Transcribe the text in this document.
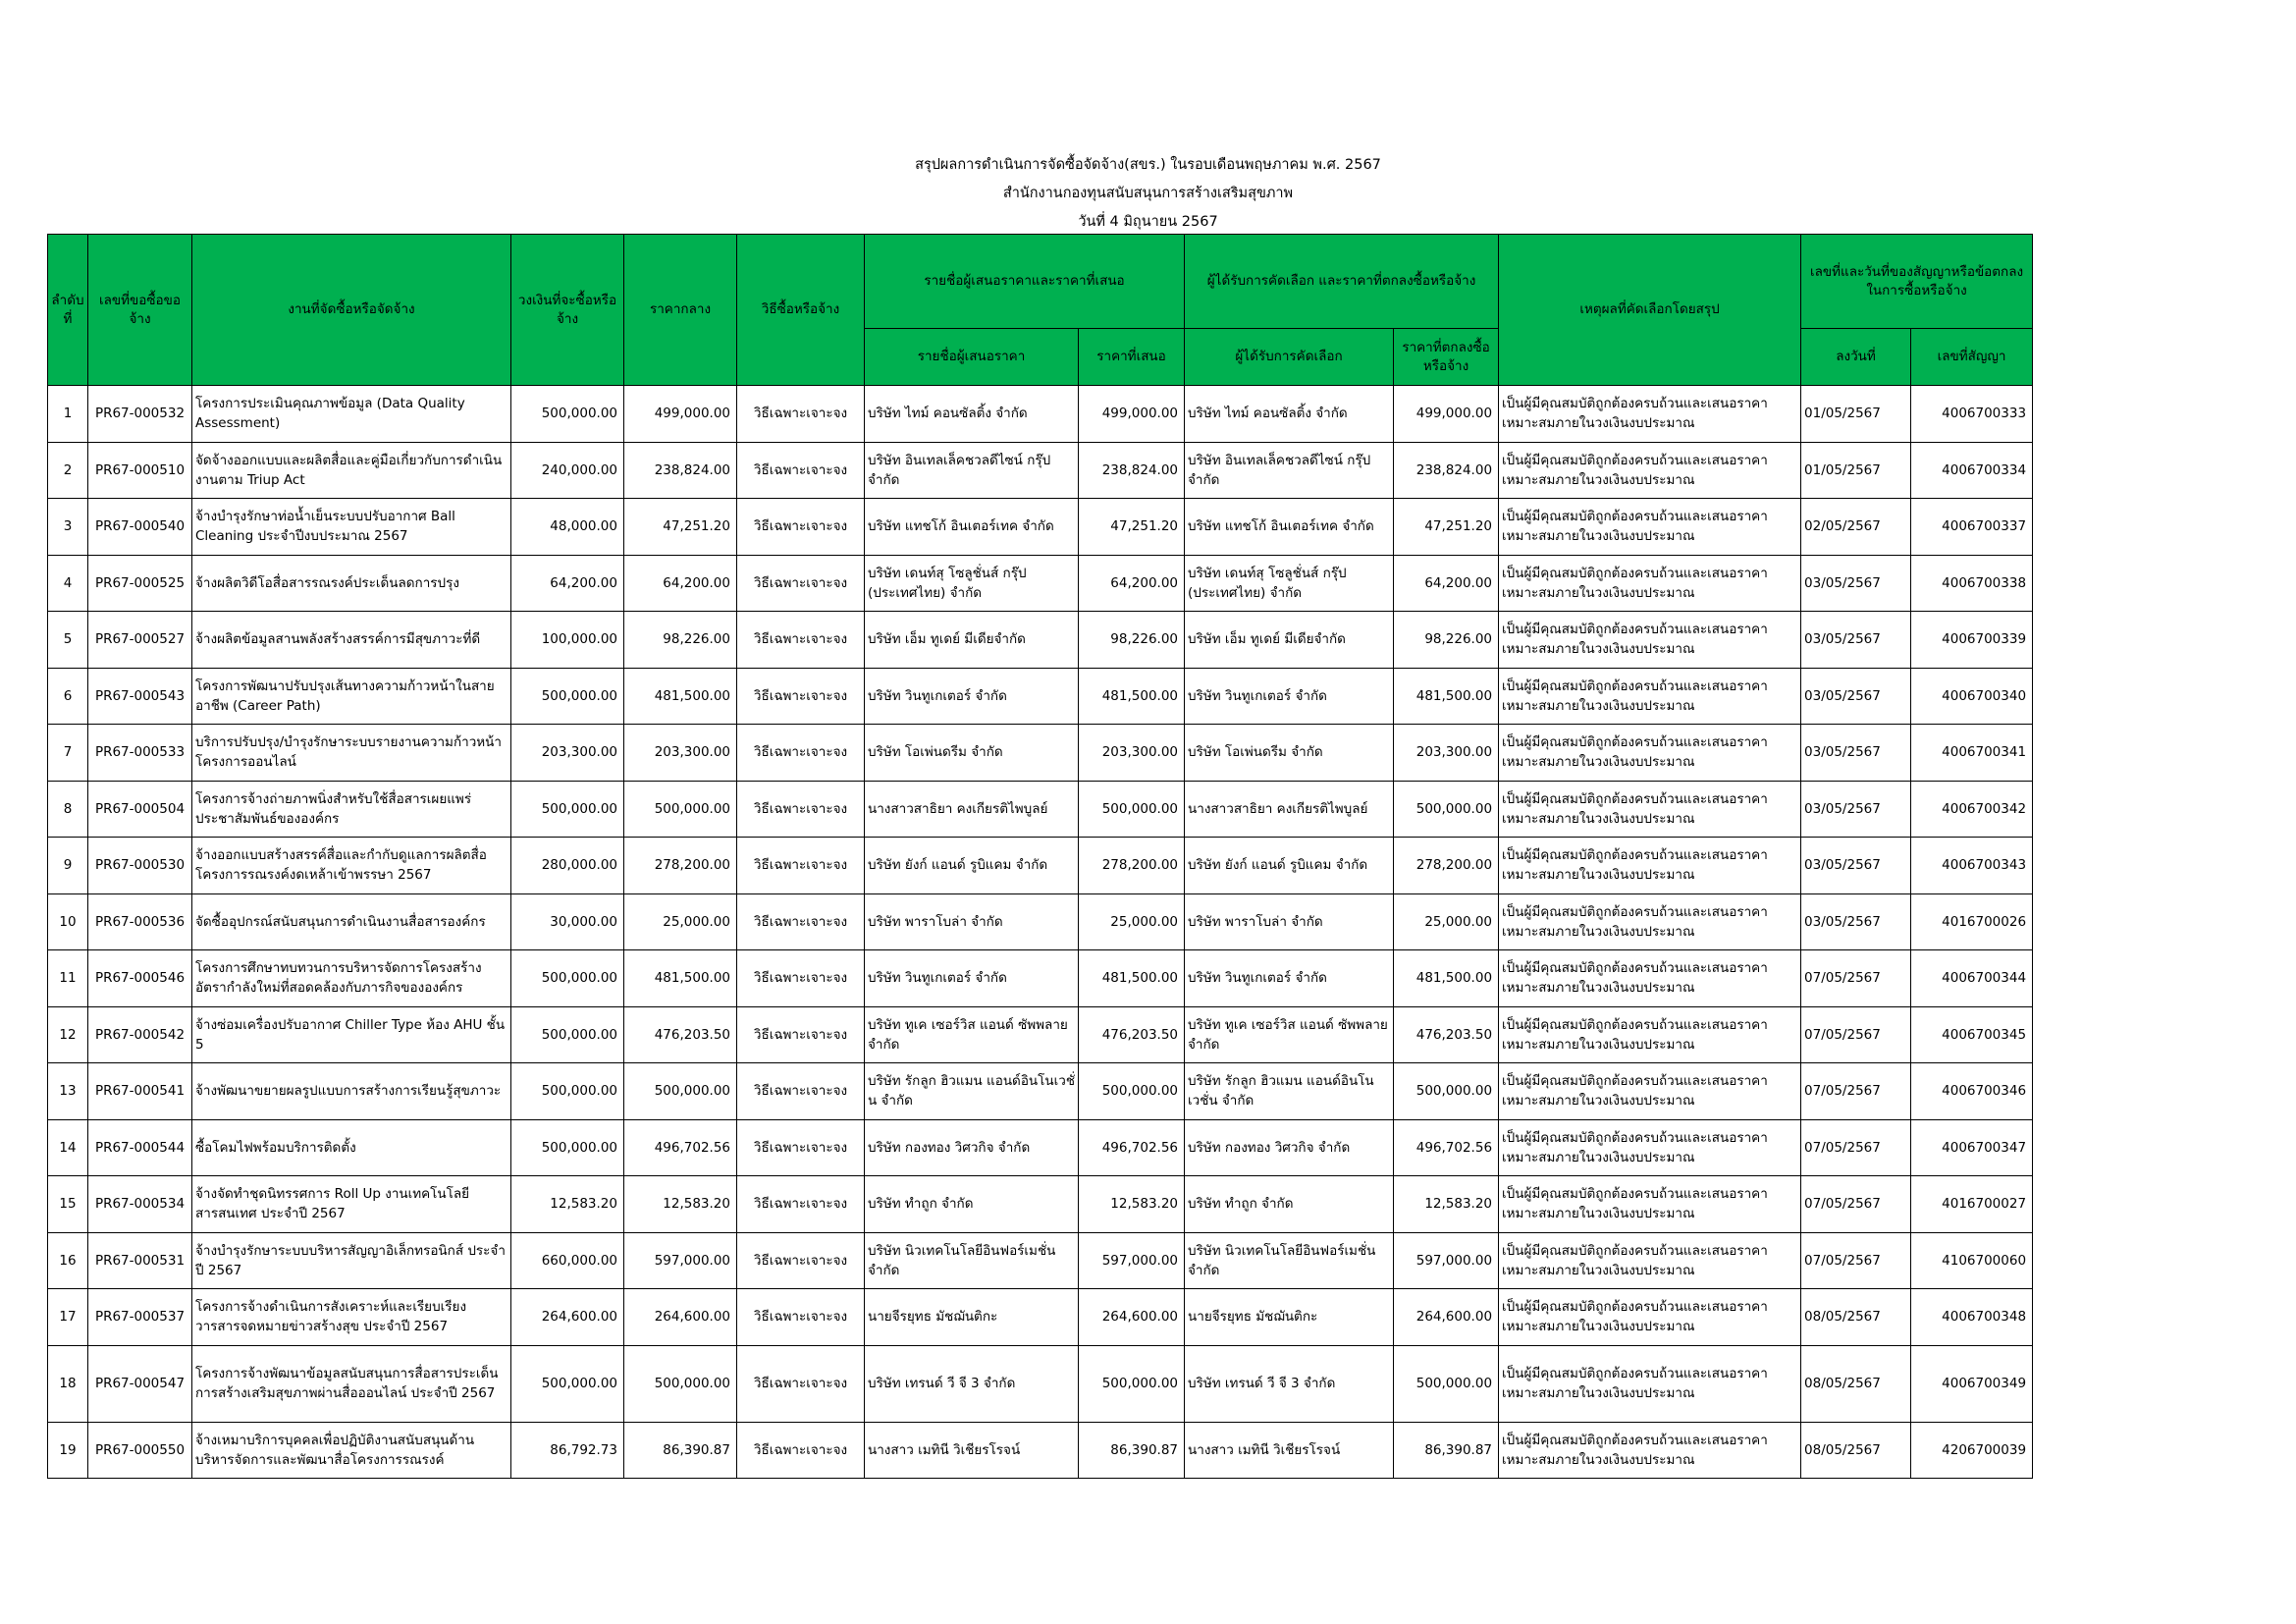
สรุปผลการดำเนินการจัดซื้อจัดจ้าง(สขร.) ในรอบเดือนพฤษภาคม พ.ศ. 2567
สำนักงานกองทุนสนับสนุนการสร้างเสริมสุขภาพ
วันที่ 4 มิถุนายน 2567
ลำดับที่	เลขที่ขอซื้อขอจ้าง	งานที่จัดซื้อหรือจัดจ้าง	วงเงินที่จะซื้อหรือจ้าง	ราคากลาง	วิธีซื้อหรือจ้าง	รายชื่อผู้เสนอราคาและราคาที่เสนอ		ผู้ได้รับการคัดเลือก และราคาที่ตกลงซื้อหรือจ้าง		เหตุผลที่คัดเลือกโดยสรุป	เลขที่และวันที่ของสัญญาหรือข้อตกลงในการซื้อหรือจ้าง	
						รายชื่อผู้เสนอราคา	ราคาที่เสนอ	ผู้ได้รับการคัดเลือก	ราคาที่ตกลงซื้อหรือจ้าง		ลงวันที่	เลขที่สัญญา
1	PR67-000532	โครงการประเมินคุณภาพข้อมูล (Data Quality Assessment)	500,000.00	499,000.00	วิธีเฉพาะเจาะจง	บริษัท ไทม์ คอนซัลติ้ง จำกัด	499,000.00	บริษัท ไทม์ คอนซัลติ้ง จำกัด	499,000.00	เป็นผู้มีคุณสมบัติถูกต้องครบถ้วนและเสนอราคาเหมาะสมภายในวงเงินงบประมาณ	01/05/2567	4006700333
2	PR67-000510	จัดจ้างออกแบบและผลิตสื่อและคู่มือเกี่ยวกับการดำเนินงานตาม Triup Act	240,000.00	238,824.00	วิธีเฉพาะเจาะจง	บริษัท อินเทลเล็คชวลดีไซน์ กรุ๊ป จำกัด	238,824.00	บริษัท อินเทลเล็คชวลดีไซน์ กรุ๊ป จำกัด	238,824.00	เป็นผู้มีคุณสมบัติถูกต้องครบถ้วนและเสนอราคาเหมาะสมภายในวงเงินงบประมาณ	01/05/2567	4006700334
3	PR67-000540	จ้างบำรุงรักษาท่อน้ำเย็นระบบปรับอากาศ Ball Cleaning ประจำปีงบประมาณ 2567	48,000.00	47,251.20	วิธีเฉพาะเจาะจง	บริษัท แทชโก้ อินเตอร์เทค จำกัด	47,251.20	บริษัท แทชโก้ อินเตอร์เทค จำกัด	47,251.20	เป็นผู้มีคุณสมบัติถูกต้องครบถ้วนและเสนอราคาเหมาะสมภายในวงเงินงบประมาณ	02/05/2567	4006700337
4	PR67-000525	จ้างผลิตวิดีโอสื่อสารรณรงค์ประเด็นลดการปรุง	64,200.00	64,200.00	วิธีเฉพาะเจาะจง	บริษัท เดนท์สุ โซลูชั่นส์ กรุ๊ป (ประเทศไทย) จำกัด	64,200.00	บริษัท เดนท์สุ โซลูชั่นส์ กรุ๊ป (ประเทศไทย) จำกัด	64,200.00	เป็นผู้มีคุณสมบัติถูกต้องครบถ้วนและเสนอราคาเหมาะสมภายในวงเงินงบประมาณ	03/05/2567	4006700338
5	PR67-000527	จ้างผลิตข้อมูลสานพลังสร้างสรรค์การมีสุขภาวะที่ดี	100,000.00	98,226.00	วิธีเฉพาะเจาะจง	บริษัท เอ็ม ทูเดย์ มีเดียจำกัด	98,226.00	บริษัท เอ็ม ทูเดย์ มีเดียจำกัด	98,226.00	เป็นผู้มีคุณสมบัติถูกต้องครบถ้วนและเสนอราคาเหมาะสมภายในวงเงินงบประมาณ	03/05/2567	4006700339
6	PR67-000543	โครงการพัฒนาปรับปรุงเส้นทางความก้าวหน้าในสายอาชีพ (Career Path)	500,000.00	481,500.00	วิธีเฉพาะเจาะจง	บริษัท วินทูเกเตอร์ จำกัด	481,500.00	บริษัท วินทูเกเตอร์ จำกัด	481,500.00	เป็นผู้มีคุณสมบัติถูกต้องครบถ้วนและเสนอราคาเหมาะสมภายในวงเงินงบประมาณ	03/05/2567	4006700340
7	PR67-000533	บริการปรับปรุง/บำรุงรักษาระบบรายงานความก้าวหน้าโครงการออนไลน์	203,300.00	203,300.00	วิธีเฉพาะเจาะจง	บริษัท โอเพ่นดรีม จำกัด	203,300.00	บริษัท โอเพ่นดรีม จำกัด	203,300.00	เป็นผู้มีคุณสมบัติถูกต้องครบถ้วนและเสนอราคาเหมาะสมภายในวงเงินงบประมาณ	03/05/2567	4006700341
8	PR67-000504	โครงการจ้างถ่ายภาพนิ่งสำหรับใช้สื่อสารเผยแพร่ประชาสัมพันธ์ขององค์กร	500,000.00	500,000.00	วิธีเฉพาะเจาะจง	นางสาวสาธิยา คงเกียรติไพบูลย์	500,000.00	นางสาวสาธิยา คงเกียรติไพบูลย์	500,000.00	เป็นผู้มีคุณสมบัติถูกต้องครบถ้วนและเสนอราคาเหมาะสมภายในวงเงินงบประมาณ	03/05/2567	4006700342
9	PR67-000530	จ้างออกแบบสร้างสรรค์สื่อและกำกับดูแลการผลิตสื่อโครงการรณรงค์งดเหล้าเข้าพรรษา 2567	280,000.00	278,200.00	วิธีเฉพาะเจาะจง	บริษัท ยังก์ แอนด์ รูบิแคม จำกัด	278,200.00	บริษัท ยังก์ แอนด์ รูบิแคม จำกัด	278,200.00	เป็นผู้มีคุณสมบัติถูกต้องครบถ้วนและเสนอราคาเหมาะสมภายในวงเงินงบประมาณ	03/05/2567	4006700343
10	PR67-000536	จัดซื้ออุปกรณ์สนับสนุนการดำเนินงานสื่อสารองค์กร	30,000.00	25,000.00	วิธีเฉพาะเจาะจง	บริษัท พาราโบล่า จำกัด	25,000.00	บริษัท พาราโบล่า จำกัด	25,000.00	เป็นผู้มีคุณสมบัติถูกต้องครบถ้วนและเสนอราคาเหมาะสมภายในวงเงินงบประมาณ	03/05/2567	4016700026
11	PR67-000546	โครงการศึกษาทบทวนการบริหารจัดการโครงสร้างอัตรากำลังใหม่ที่สอดคล้องกับภารกิจขององค์กร	500,000.00	481,500.00	วิธีเฉพาะเจาะจง	บริษัท วินทูเกเตอร์ จำกัด	481,500.00	บริษัท วินทูเกเตอร์ จำกัด	481,500.00	เป็นผู้มีคุณสมบัติถูกต้องครบถ้วนและเสนอราคาเหมาะสมภายในวงเงินงบประมาณ	07/05/2567	4006700344
12	PR67-000542	จ้างซ่อมเครื่องปรับอากาศ Chiller Type ห้อง AHU ชั้น 5	500,000.00	476,203.50	วิธีเฉพาะเจาะจง	บริษัท ทูเค เซอร์วิส แอนด์ ซัพพลาย จำกัด	476,203.50	บริษัท ทูเค เซอร์วิส แอนด์ ซัพพลาย จำกัด	476,203.50	เป็นผู้มีคุณสมบัติถูกต้องครบถ้วนและเสนอราคาเหมาะสมภายในวงเงินงบประมาณ	07/05/2567	4006700345
13	PR67-000541	จ้างพัฒนาขยายผลรูปแบบการสร้างการเรียนรู้สุขภาวะ	500,000.00	500,000.00	วิธีเฉพาะเจาะจง	บริษัท รักลูก ฮิวแมน แอนด์อินโนเวชั่น จำกัด	500,000.00	บริษัท รักลูก ฮิวแมน แอนด์อินโนเวชั่น จำกัด	500,000.00	เป็นผู้มีคุณสมบัติถูกต้องครบถ้วนและเสนอราคาเหมาะสมภายในวงเงินงบประมาณ	07/05/2567	4006700346
14	PR67-000544	ซื้อโคมไฟพร้อมบริการติดตั้ง	500,000.00	496,702.56	วิธีเฉพาะเจาะจง	บริษัท กองทอง วิศวกิจ จำกัด	496,702.56	บริษัท กองทอง วิศวกิจ จำกัด	496,702.56	เป็นผู้มีคุณสมบัติถูกต้องครบถ้วนและเสนอราคาเหมาะสมภายในวงเงินงบประมาณ	07/05/2567	4006700347
15	PR67-000534	จ้างจัดทำชุดนิทรรศการ Roll Up งานเทคโนโลยีสารสนเทศ ประจำปี 2567	12,583.20	12,583.20	วิธีเฉพาะเจาะจง	บริษัท ทำถูก จำกัด	12,583.20	บริษัท ทำถูก จำกัด	12,583.20	เป็นผู้มีคุณสมบัติถูกต้องครบถ้วนและเสนอราคาเหมาะสมภายในวงเงินงบประมาณ	07/05/2567	4016700027
16	PR67-000531	จ้างบำรุงรักษาระบบบริหารสัญญาอิเล็กทรอนิกส์ ประจำปี 2567	660,000.00	597,000.00	วิธีเฉพาะเจาะจง	บริษัท นิวเทคโนโลยีอินฟอร์เมชั่น จำกัด	597,000.00	บริษัท นิวเทคโนโลยีอินฟอร์เมชั่น จำกัด	597,000.00	เป็นผู้มีคุณสมบัติถูกต้องครบถ้วนและเสนอราคาเหมาะสมภายในวงเงินงบประมาณ	07/05/2567	4106700060
17	PR67-000537	โครงการจ้างดำเนินการสังเคราะห์และเรียบเรียงวารสารจดหมายข่าวสร้างสุข ประจำปี 2567	264,600.00	264,600.00	วิธีเฉพาะเจาะจง	นายจีรยุทธ มัชฌันติกะ	264,600.00	นายจีรยุทธ มัชฌันติกะ	264,600.00	เป็นผู้มีคุณสมบัติถูกต้องครบถ้วนและเสนอราคาเหมาะสมภายในวงเงินงบประมาณ	08/05/2567	4006700348
18	PR67-000547	โครงการจ้างพัฒนาข้อมูลสนับสนุนการสื่อสารประเด็นการสร้างเสริมสุขภาพผ่านสื่อออนไลน์ ประจำปี 2567	500,000.00	500,000.00	วิธีเฉพาะเจาะจง	บริษัท เทรนด์ วี จี 3 จำกัด	500,000.00	บริษัท เทรนด์ วี จี 3 จำกัด	500,000.00	เป็นผู้มีคุณสมบัติถูกต้องครบถ้วนและเสนอราคาเหมาะสมภายในวงเงินงบประมาณ	08/05/2567	4006700349
19	PR67-000550	จ้างเหมาบริการบุคคลเพื่อปฏิบัติงานสนับสนุนด้านบริหารจัดการและพัฒนาสื่อโครงการรณรงค์	86,792.73	86,390.87	วิธีเฉพาะเจาะจง	นางสาว เมทินี วิเชียรโรจน์	86,390.87	นางสาว เมทินี วิเชียรโรจน์	86,390.87	เป็นผู้มีคุณสมบัติถูกต้องครบถ้วนและเสนอราคาเหมาะสมภายในวงเงินงบประมาณ	08/05/2567	4206700039
